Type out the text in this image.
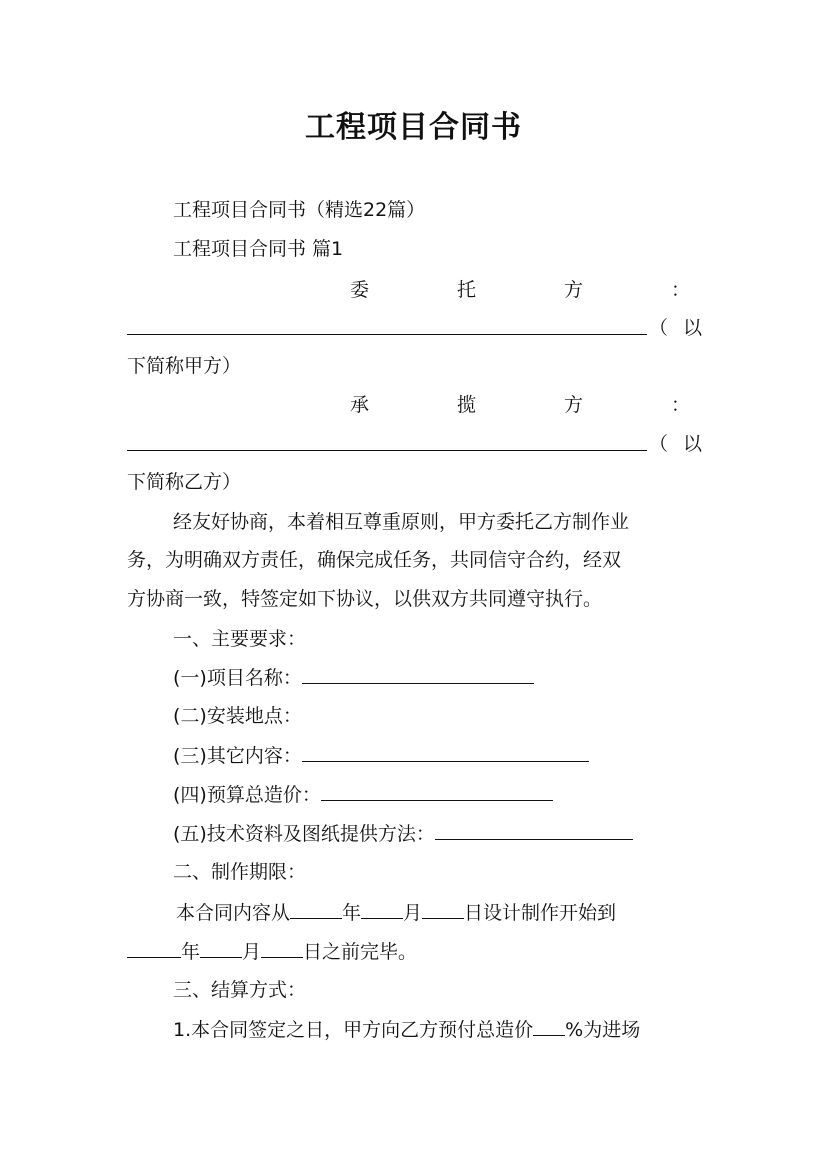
工程项目合同书
工程项目合同书（精选22篇）
工程项目合同书 篇1
委	托	方	：
（ 以
下简称甲方）
承	揽	方	：
（ 以
下简称乙方）
经友好协商，本着相互尊重原则，甲方委托乙方制作业
务，为明确双方责任，确保完成任务，共同信守合约，经双
方协商一致，特签定如下协议，以供双方共同遵守执行。
一、主要要求：
(一)项目名称：
(二)安装地点：
(三)其它内容：
(四)预算总造价：
(五)技术资料及图纸提供方法：
二、制作期限：
本合同内容从	年 月 日设计制作开始到
年 月 日之前完毕。
三、结算方式：
1.本合同签定之日，甲方向乙方预付总造价 %为进场
